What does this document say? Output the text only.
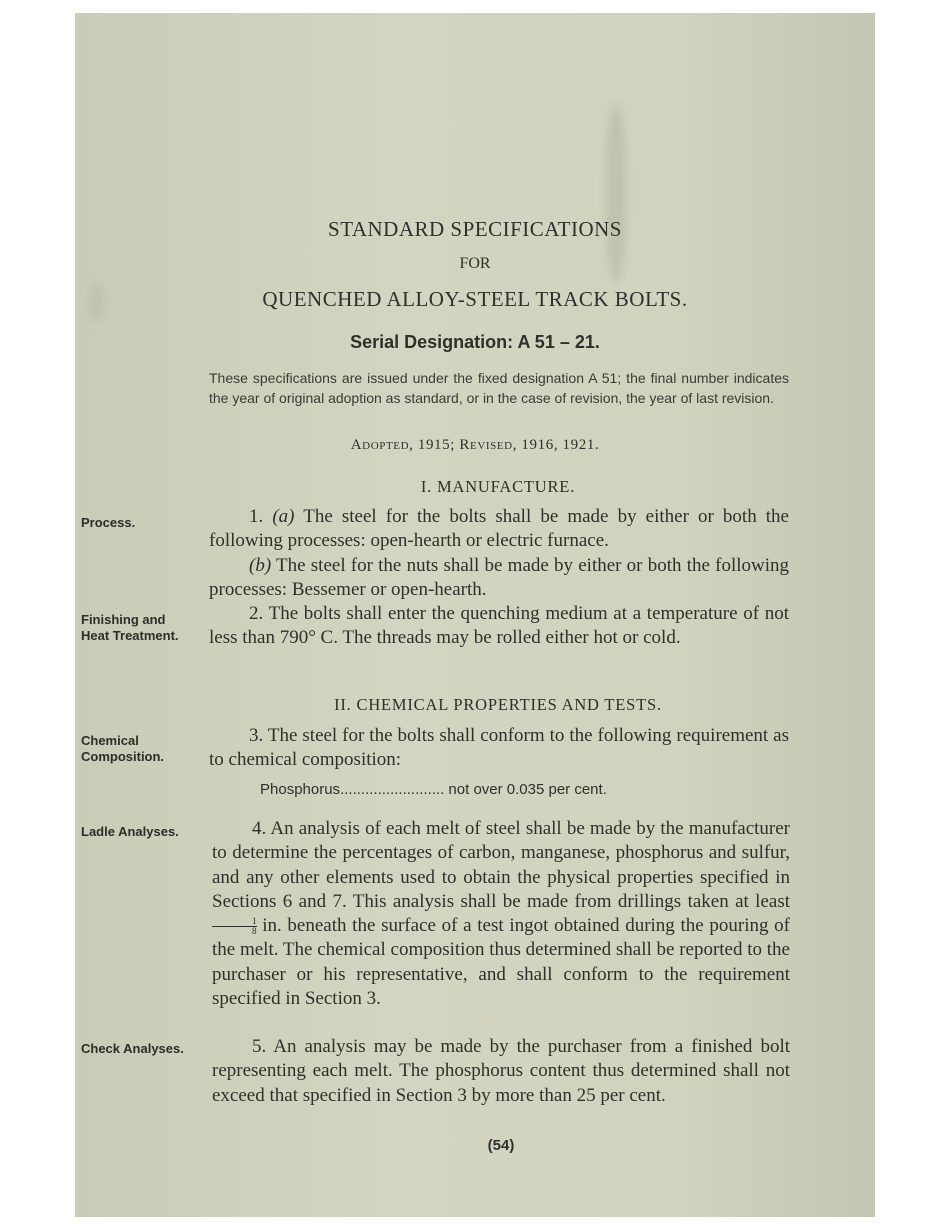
STANDARD SPECIFICATIONS
FOR
QUENCHED ALLOY-STEEL TRACK BOLTS.
Serial Designation: A 51 – 21.
These specifications are issued under the fixed designation A 51; the final number indicates the year of original adoption as standard, or in the case of revision, the year of last revision.
Adopted, 1915; Revised, 1916, 1921.
I. MANUFACTURE.
Process.
Finishing and
Heat Treatment.
Chemical
Composition.
Ladle Analyses.
Check Analyses.

1. (a) The steel for the bolts shall be made by either or both the following processes: open-hearth or electric furnace.

(b) The steel for the nuts shall be made by either or both the following processes: Bessemer or open-hearth.

2. The bolts shall enter the quenching medium at a temperature of not less than 790° C. The threads may be rolled either hot or cold.

II. CHEMICAL PROPERTIES AND TESTS.

3. The steel for the bolts shall conform to the following requirement as to chemical composition:

Phosphorus......................... not over 0.035 per cent.

4. An analysis of each melt of steel shall be made by the manufacturer to determine the percentages of carbon, manganese, phosphorus and sulfur, and any other elements used to obtain the physical properties specified in Sections 6 and 7. This analysis shall be made from drillings taken at least
$\frac{1}{8}$ in. beneath the surface of a test ingot obtained during the pouring of the melt. The chemical composition thus determined shall be reported to the purchaser or his representative, and shall conform to the requirement specified in Section 3.

5. An analysis may be made by the purchaser from a finished bolt representing each melt. The phosphorus content thus determined shall not exceed that specified in Section 3 by more than 25 per cent.

(54)
